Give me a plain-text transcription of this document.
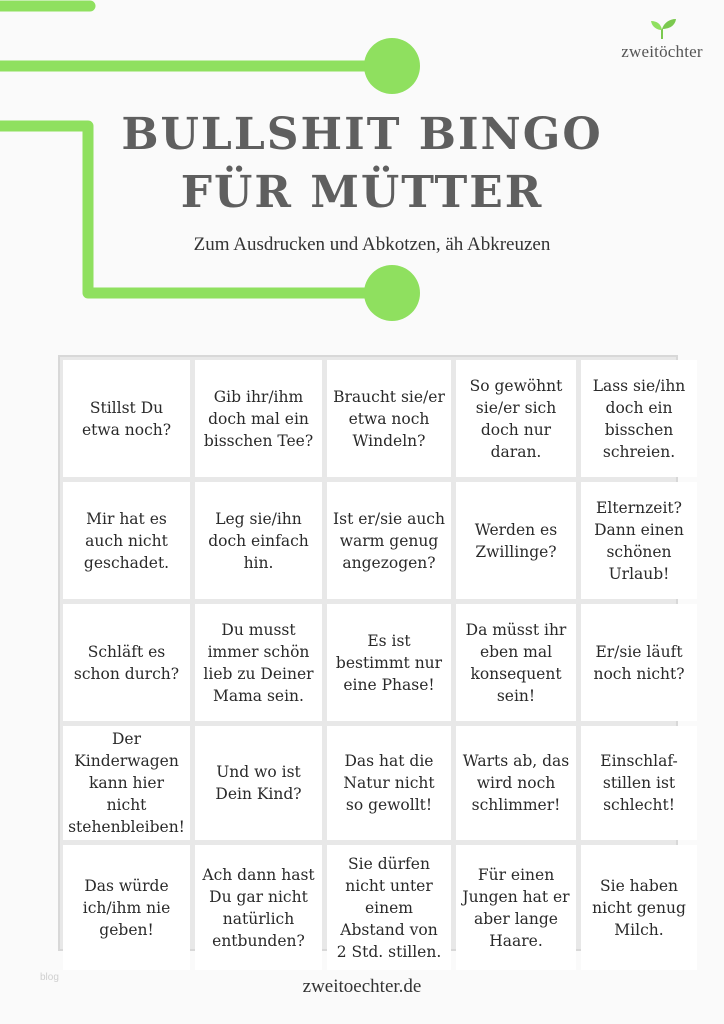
zweitöchter
BULLSHIT BINGO
FÜR MÜTTER
Zum Ausdrucken und Abkotzen, äh Abkreuzen
Stillst Du etwa noch?
Gib ihr/ihm doch mal ein bisschen Tee?
Braucht sie/er etwa noch Windeln?
So gewöhnt sie/er sich doch nur daran.
Lass sie/ihn doch ein bisschen schreien.
Mir hat es auch nicht geschadet.
Leg sie/ihn doch einfach hin.
Ist er/sie auch warm genug angezogen?
Werden es Zwillinge?
Elternzeit? Dann einen schönen Urlaub!
Schläft es schon durch?
Du musst immer schön lieb zu Deiner Mama sein.
Es ist bestimmt nur eine Phase!
Da müsst ihr eben mal konsequent sein!
Er/sie läuft noch nicht?
Der Kinderwagen kann hier nicht stehenbleiben!
Und wo ist Dein Kind?
Das hat die Natur nicht so gewollt!
Warts ab, das wird noch schlimmer!
Einschlaf-stillen ist schlecht!
Das würde ich/ihm nie geben!
Ach dann hast Du gar nicht natürlich entbunden?
Sie dürfen nicht unter einem Abstand von 2 Std. stillen.
Für einen Jungen hat er aber lange Haare.
Sie haben nicht genug Milch.
blog	zweitoechter.de
